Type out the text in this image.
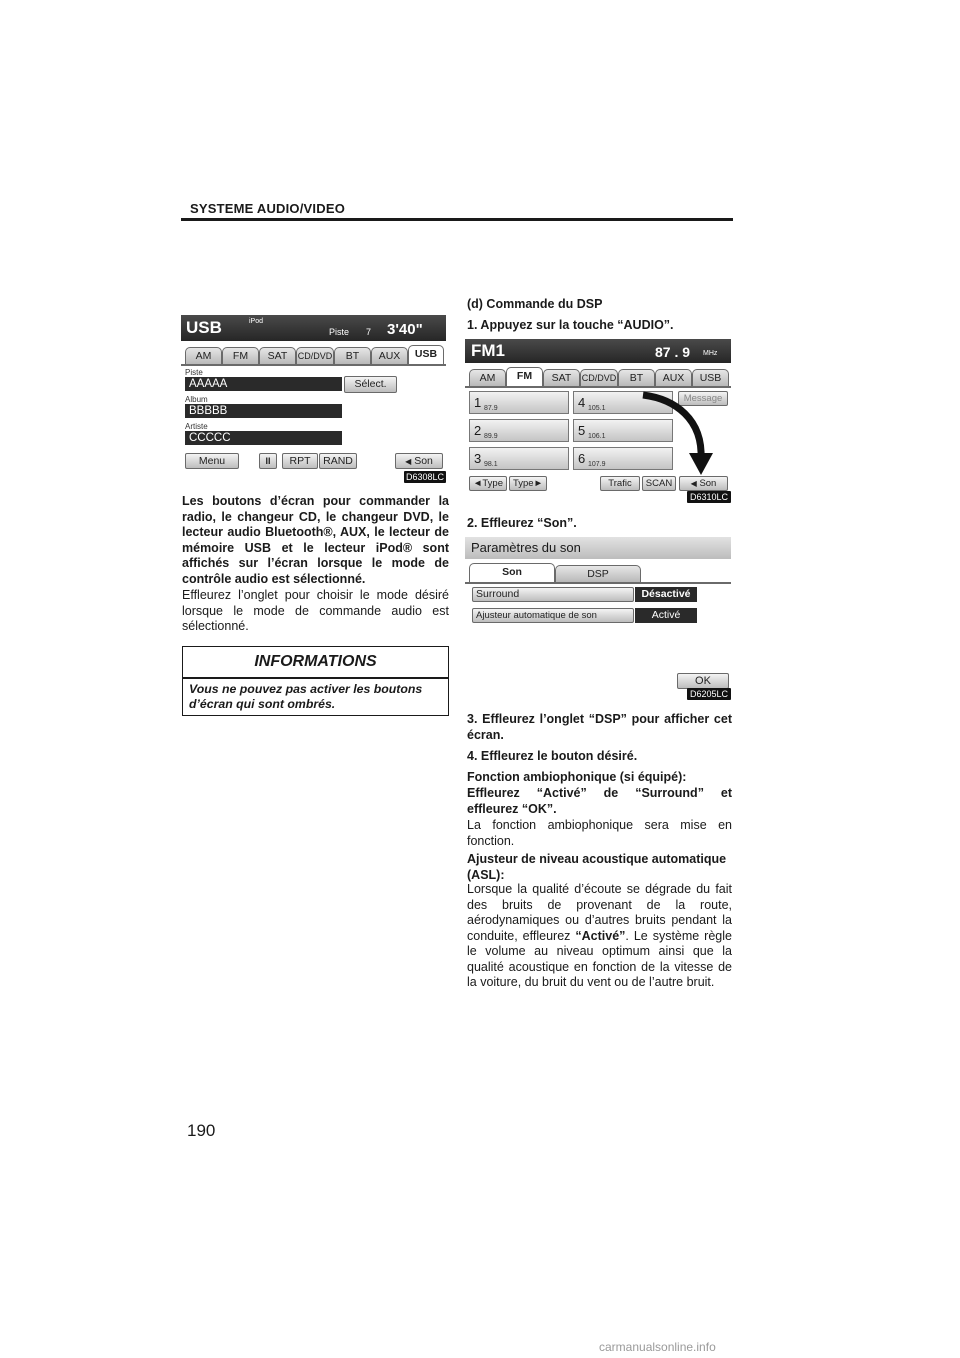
SYSTEME AUDIO/VIDEO
USB	iPod
Piste 7 3'40"
AM	FM	SAT	CD/DVD	BT	AUX	USB
Piste
AAAAA	Sélect.
Album
BBBBB
Artiste
CCCCC
Menu	II	RPT	RAND	◀ Son
D6308LC
Les boutons d’écran pour commander la radio, le changeur CD, le changeur DVD, le lecteur audio Bluetooth®, AUX, le lecteur de mémoire USB et le lecteur iPod® sont affichés sur l’écran lorsque le mode de contrôle audio est sélectionné.
Effleurez l’onglet pour choisir le mode désiré lorsque le mode de commande audio est sélectionné.
INFORMATIONS
Vous ne pouvez pas activer les boutons d’écran qui sont ombrés.
(d) Commande du DSP
1. Appuyez sur la touche “AUDIO”.
FM1	87 . 9 MHz
AM	FM	SAT	CD/DVD	BT	AUX	USB
1 87.9
2 89.9
3 98.1
4 105.1
5 106.1
6 107.9
Message
◄Type	Type►	Trafic	SCAN	◀ Son
D6310LC
2. Effleurez “Son”.
Paramètres du son
Son	DSP
Surround	Désactivé
Ajusteur automatique de son	Activé
OK
D6205LC
3. Effleurez l’onglet “DSP” pour afficher cet écran.
4. Effleurez le bouton désiré.
Fonction ambiophonique (si équipé):
Effleurez “Activé” de “Surround” et effleurez “OK”.
La fonction ambiophonique sera mise en fonction.
Ajusteur de niveau acoustique automatique (ASL):
Lorsque la qualité d’écoute se dégrade du fait des bruits de provenant de la route, aérodynamiques ou d’autres bruits pendant la conduite, effleurez “Activé”. Le système règle le volume au niveau optimum ainsi que la qualité acoustique en fonction de la vitesse de la voiture, du bruit du vent ou de l’autre bruit.
190
carmanualsonline.info
